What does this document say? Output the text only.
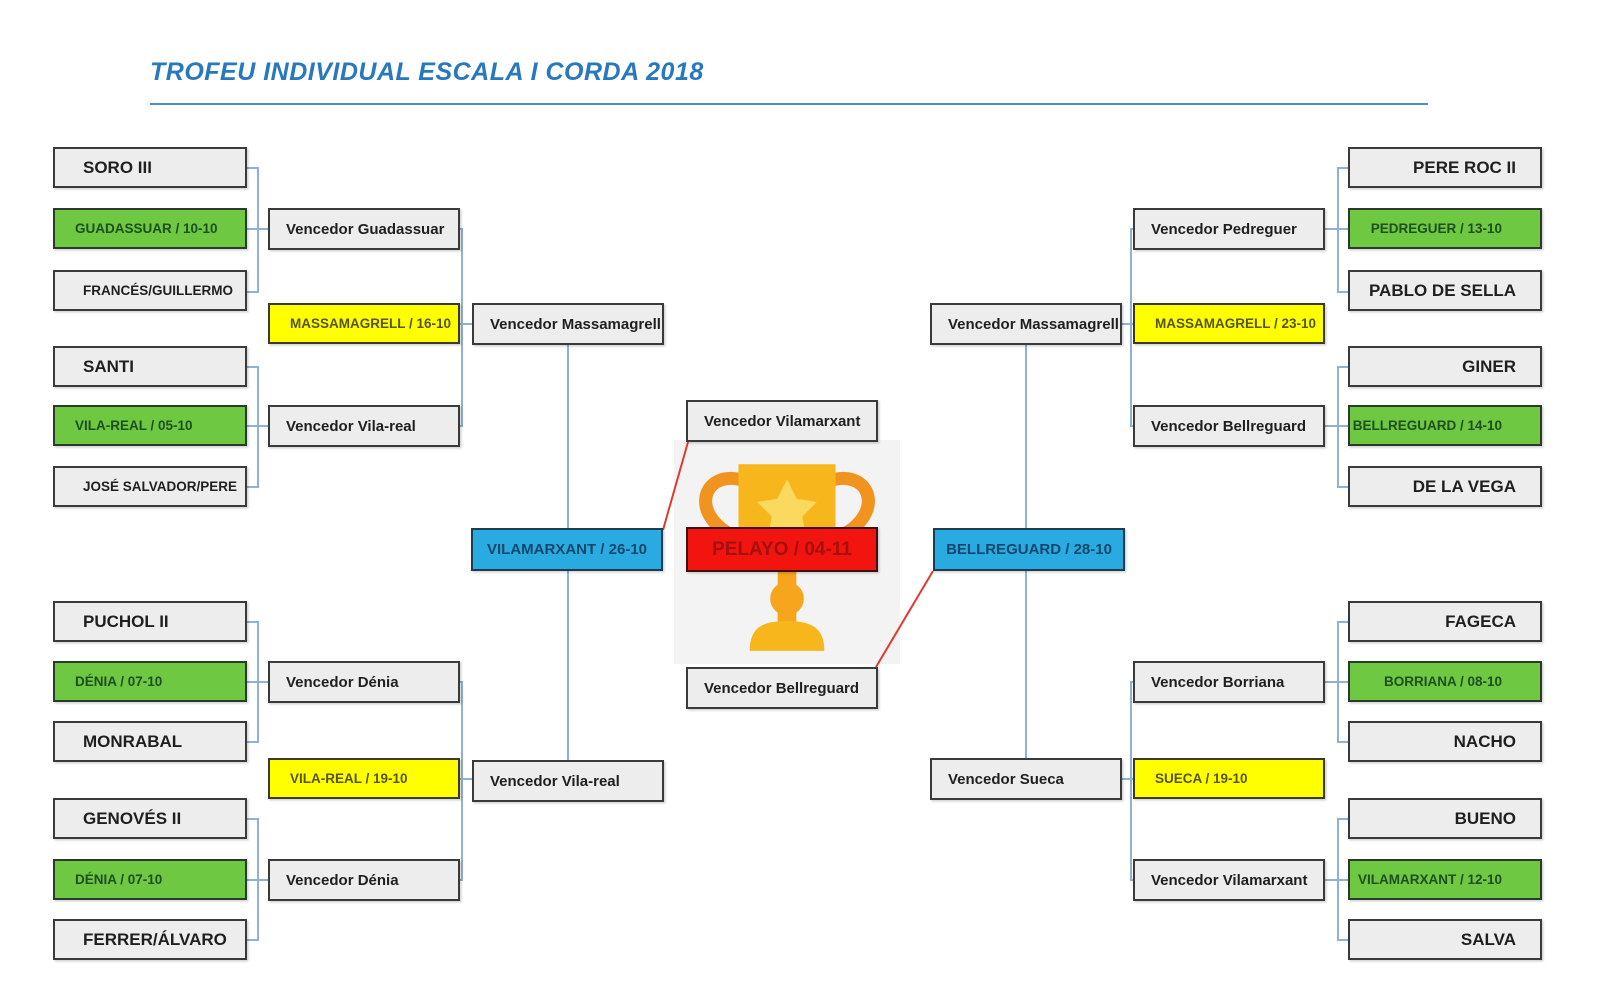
TROFEU INDIVIDUAL ESCALA I CORDA 2018
SORO III
GUADASSUAR / 10-10
FRANCÉS/GUILLERMO
Vencedor Guadassuar
SANTI
VILA-REAL / 05-10
JOSÉ SALVADOR/PERE
Vencedor Vila-real
MASSAMAGRELL / 16-10	Vencedor Massamagrell
PUCHOL II
DÉNIA / 07-10
MONRABAL
Vencedor Dénia
GENOVÉS II
DÉNIA / 07-10
FERRER/ÁLVARO
Vencedor Dénia
VILA-REAL / 19-10	Vencedor Vila-real
Vencedor Vilamarxant
VILAMARXANT / 26-10	PELAYO / 04-11	BELLREGUARD / 28-10
Vencedor Bellreguard
PERE ROC II
PEDREGUER / 13-10
PABLO DE SELLA
Vencedor Pedreguer
GINER
BELLREGUARD / 14-10
DE LA VEGA
Vencedor Bellreguard
MASSAMAGRELL / 23-10
Vencedor Massamagrell
FAGECA
BORRIANA / 08-10
NACHO
Vencedor Borriana
BUENO
VILAMARXANT / 12-10
SALVA
Vencedor Vilamarxant
SUECA / 19-10
Vencedor Sueca
